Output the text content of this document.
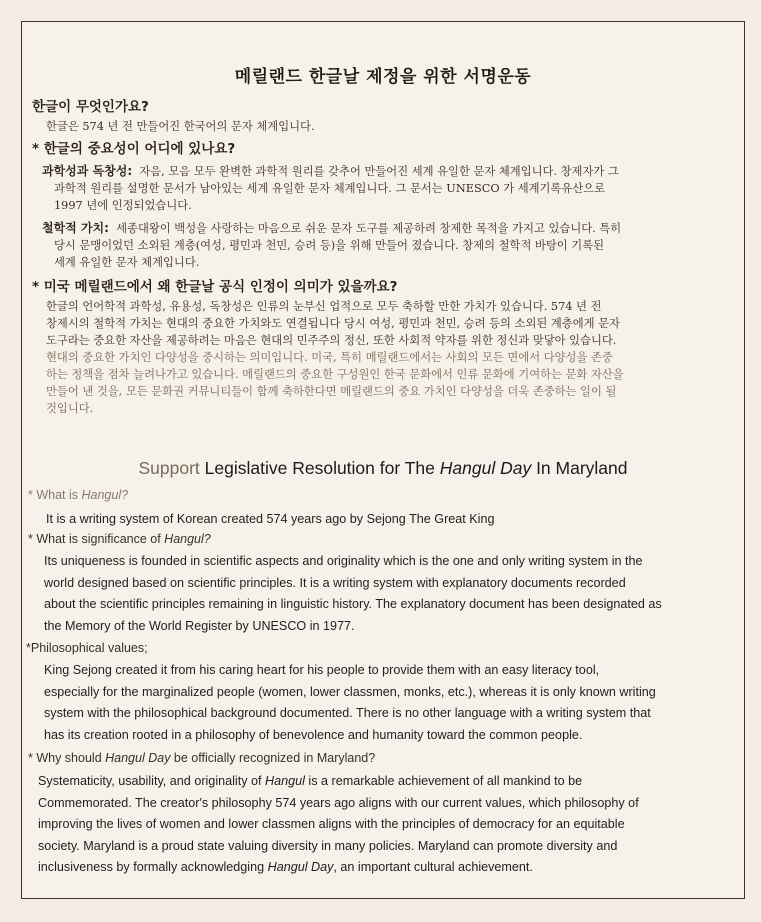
메릴랜드 한글날 제정을 위한 서명운동
한글이 무엇인가요?
한글은 574 년 전 만들어진 한국어의 문자 체계입니다.
* 한글의 중요성이 어디에 있나요?
과학성과 독창성: 자음, 모음 모두 완벽한 과학적 원리를 갖추어 만들어진 세계 유일한 문자 체계입니다. 창제자가 그
과학적 원리를 설명한 문서가 남아있는 세계 유일한 문자 체계입니다. 그 문서는 UNESCO 가 세계기록유산으로
1997 년에 인정되었습니다.
철학적 가치: 세종대왕이 백성을 사랑하는 마음으로 쉬운 문자 도구를 제공하려 창제한 목적을 가지고 있습니다. 특히
당시 문맹이었던 소외된 계층(여성, 평민과 천민, 승려 등)을 위해 만들어 졌습니다. 창제의 철학적 바탕이 기록된
세계 유일한 문자 체계입니다.
* 미국 메릴랜드에서 왜 한글날 공식 인정이 의미가 있을까요?
한글의 언어학적 과학성, 유용성, 독창성은 인류의 눈부신 업적으로 모두 축하할 만한 가치가 있습니다. 574 년 전
창제시의 철학적 가치는 현대의 중요한 가치와도 연결됩니다 당시 여성, 평민과 천민, 승려 등의 소외된 계층에게 문자
도구라는 중요한 자산을 제공하려는 마음은 현대의 민주주의 정신, 또한 사회적 약자를 위한 정신과 맞닿아 있습니다.
현대의 중요한 가치인 다양성을 중시하는 의미입니다. 미국, 특히 메릴랜드에서는 사회의 모든 면에서 다양성을 존중
하는 정책을 점차 늘려나가고 있습니다. 메릴랜드의 중요한 구성원인 한국 문화에서 인류 문화에 기여하는 문화 자산을
만들어 낸 것을, 모든 문화권 커뮤니티들이 함께 축하한다면 메릴랜드의 중요 가치인 다양성을 더욱 존중하는 일이 될
것입니다.
Support Legislative Resolution for The Hangul Day In Maryland
* What is Hangul?
It is a writing system of Korean created 574 years ago by Sejong The Great King
* What is significance of Hangul?
Its uniqueness is founded in scientific aspects and originality which is the one and only writing system in the
world designed based on scientific principles. It is a writing system with explanatory documents recorded
about the scientific principles remaining in linguistic history. The explanatory document has been designated as
the Memory of the World Register by UNESCO in 1977.
*Philosophical values;
King Sejong created it from his caring heart for his people to provide them with an easy literacy tool,
especially for the marginalized people (women, lower classmen, monks, etc.), whereas it is only known writing
system with the philosophical background documented. There is no other language with a writing system that
has its creation rooted in a philosophy of benevolence and humanity toward the common people.
* Why should Hangul Day be officially recognized in Maryland?
Systematicity, usability, and originality of Hangul is a remarkable achievement of all mankind to be
Commemorated. The creator's philosophy 574 years ago aligns with our current values, which philosophy of
improving the lives of women and lower classmen aligns with the principles of democracy for an equitable
society. Maryland is a proud state valuing diversity in many policies. Maryland can promote diversity and
inclusiveness by formally acknowledging Hangul Day, an important cultural achievement.
